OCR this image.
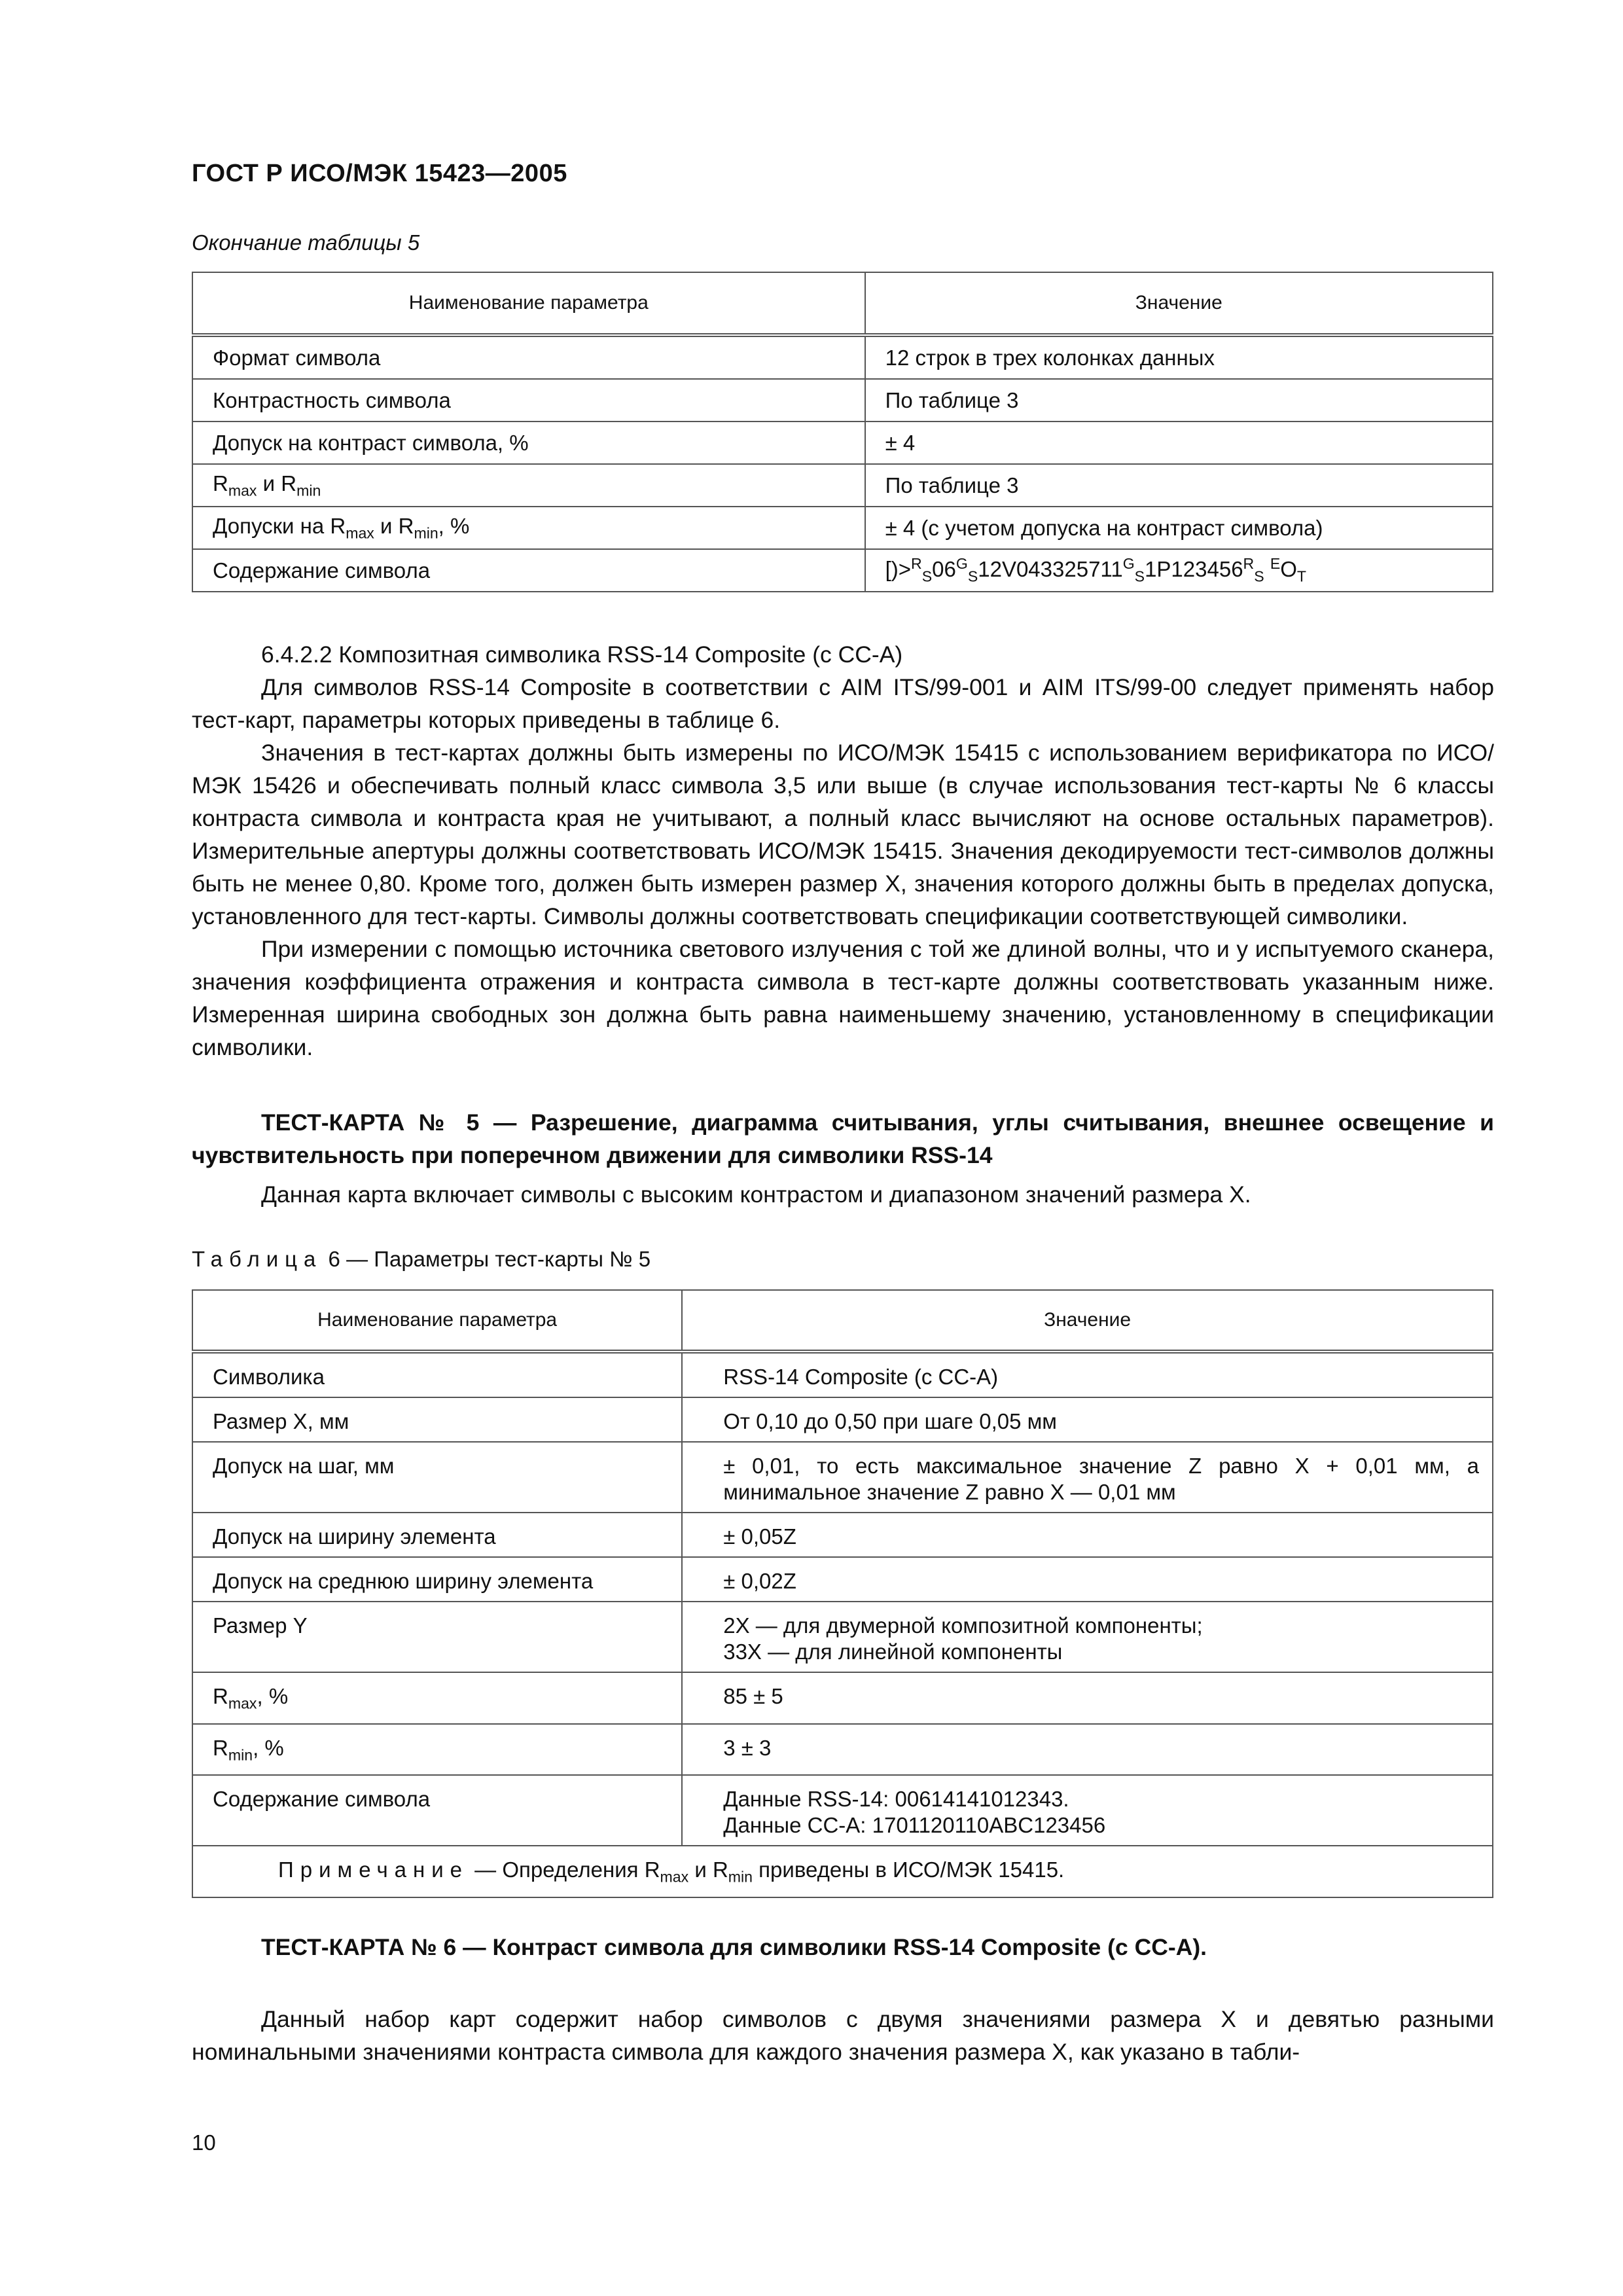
ГОСТ Р ИСО/МЭК 15423—2005
Окончание таблицы 5
Наименование параметра	Значение
Формат символа	12 строк в трех колонках данных
Контрастность символа	По таблице 3
Допуск на контраст символа, %	± 4
$R_{max}$ и $R_{min}$	По таблице 3
Допуски на $R_{max}$ и $R_{min}$, %	± 4 (с учетом допуска на контраст символа)
Содержание символа	$[)>^R_S06^G_S12V043325711^G_S1P123456^R_S$ $^EO_T$

6.4.2.2 Композитная символика RSS-14 Composite (с СС-А)

Для символов RSS-14 Composite в соответствии с AIM ITS/99-001 и AIM ITS/99-00 следует применять набор тест-карт, параметры которых приведены в таблице 6.

Значения в тест-картах должны быть измерены по ИСО/МЭК 15415 с использованием верификатора по ИСО/МЭК 15426 и обеспечивать полный класс символа 3,5 или выше (в случае использования тест-карты № 6 классы контраста символа и контраста края не учитывают, а полный класс вычисляют на основе остальных параметров). Измерительные апертуры должны соответствовать ИСО/МЭК 15415. Значения декодируемости тест-символов должны быть не менее 0,80. Кроме того, должен быть измерен размер X, значения которого должны быть в пределах допуска, установленного для тест-карты. Символы должны соответствовать спецификации соответствующей символики.

При измерении с помощью источника светового излучения с той же длиной волны, что и у испытуемого сканера, значения коэффициента отражения и контраста символа в тест-карте должны соответствовать указанным ниже. Измеренная ширина свободных зон должна быть равна наименьшему значению, установленному в спецификации символики.

ТЕСТ-КАРТА № 5 — Разрешение, диаграмма считывания, углы считывания, внешнее освещение и чувствительность при поперечном движении для символики RSS-14

Данная карта включает символы с высоким контрастом и диапазоном значений размера X.

Таблица 6 — Параметры тест-карты № 5
Наименование параметра	Значение
Символика	RSS-14 Composite (с СС-А)
Размер X, мм	От 0,10 до 0,50 при шаге 0,05 мм
Допуск на шаг, мм	± 0,01, то есть максимальное значение Z равно X + 0,01 мм, а минимальное значение Z равно X — 0,01 мм
Допуск на ширину элемента	± 0,05Z
Допуск на среднюю ширину элемента	± 0,02Z
Размер Y	2X — для двумерной композитной компоненты;
33X — для линейной компоненты

$R_{max}$, %	85 ± 5
$R_{min}$, %	3 ± 3
Содержание символа	Данные RSS-14: 00614141012343.
Данные СС-А: 1701120110ABC123456

Примечание — Определения $R_{max}$ и $R_{min}$ приведены в ИСО/МЭК 15415.	

ТЕСТ-КАРТА № 6 — Контраст символа для символики RSS-14 Composite (с СС-А).

Данный набор карт содержит набор символов с двумя значениями размера X и девятью разными номинальными значениями контраста символа для каждого значения размера X, как указано в табли-

10
